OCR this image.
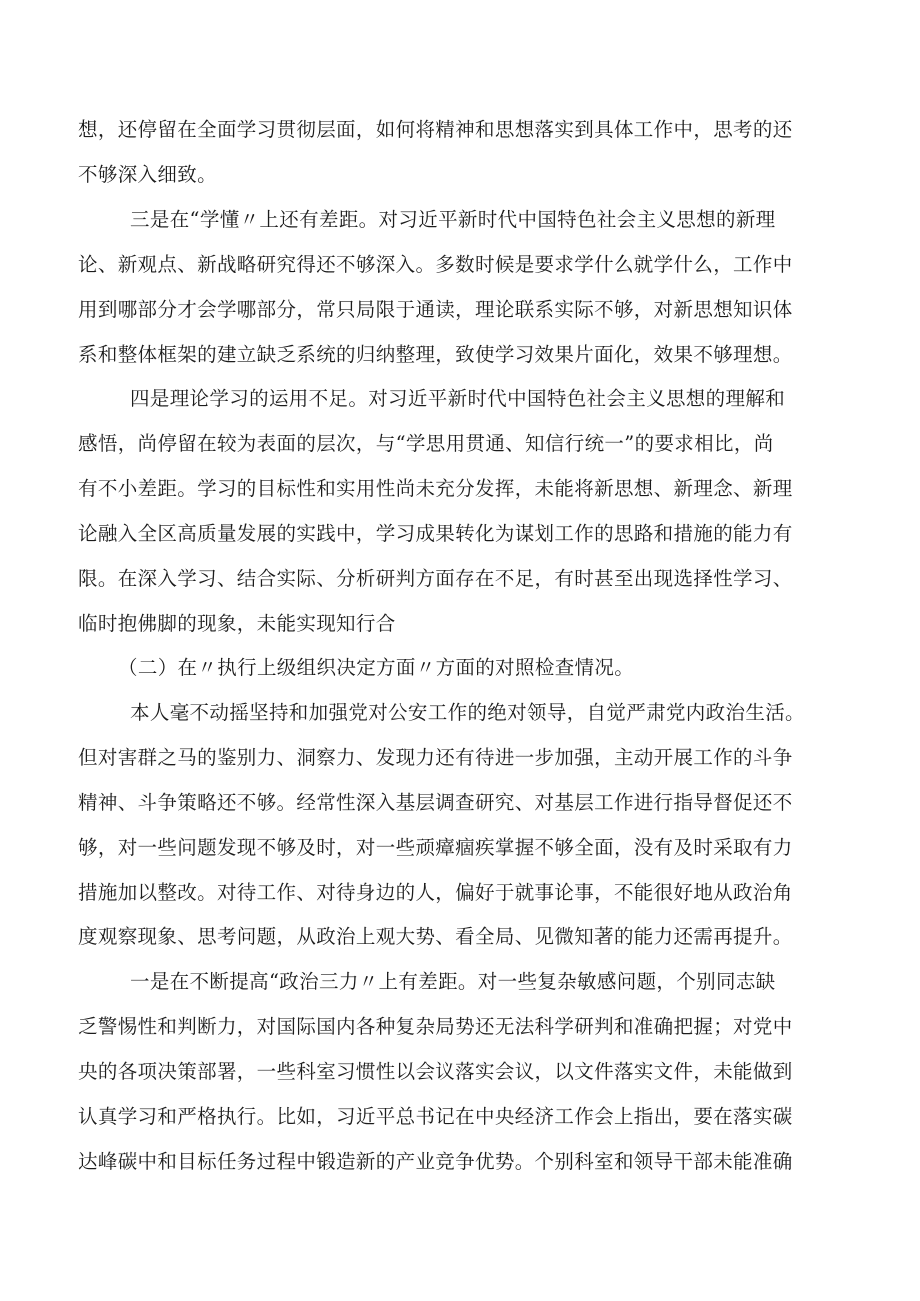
想，还停留在全面学习贯彻层面，如何将精神和思想落实到具体工作中，思考的还
不够深入细致。
三是在“学懂〃上还有差距。对习近平新时代中国特色社会主义思想的新理
论、新观点、新战略研究得还不够深入。多数时候是要求学什么就学什么，工作中
用到哪部分才会学哪部分，常只局限于通读，理论联系实际不够，对新思想知识体
系和整体框架的建立缺乏系统的归纳整理，致使学习效果片面化，效果不够理想。
四是理论学习的运用不足。对习近平新时代中国特色社会主义思想的理解和
感悟，尚停留在较为表面的层次，与“学思用贯通、知信行统一”的要求相比，尚
有不小差距。学习的目标性和实用性尚未充分发挥，未能将新思想、新理念、新理
论融入全区高质量发展的实践中，学习成果转化为谋划工作的思路和措施的能力有
限。在深入学习、结合实际、分析研判方面存在不足，有时甚至出现选择性学习、
临时抱佛脚的现象，未能实现知行合
（二）在〃执行上级组织决定方面〃方面的对照检查情况。
本人毫不动摇坚持和加强党对公安工作的绝对领导，自觉严肃党内政治生活。
但对害群之马的鉴别力、洞察力、发现力还有待进一步加强，主动开展工作的斗争
精神、斗争策略还不够。经常性深入基层调查研究、对基层工作进行指导督促还不
够，对一些问题发现不够及时，对一些顽瘴痼疾掌握不够全面，没有及时采取有力
措施加以整改。对待工作、对待身边的人，偏好于就事论事，不能很好地从政治角
度观察现象、思考问题，从政治上观大势、看全局、见微知著的能力还需再提升。
一是在不断提高“政治三力〃上有差距。对一些复杂敏感问题，个别同志缺
乏警惕性和判断力，对国际国内各种复杂局势还无法科学研判和准确把握；对党中
央的各项决策部署，一些科室习惯性以会议落实会议，以文件落实文件，未能做到
认真学习和严格执行。比如，习近平总书记在中央经济工作会上指出，要在落实碳
达峰碳中和目标任务过程中锻造新的产业竞争优势。个别科室和领导干部未能准确
